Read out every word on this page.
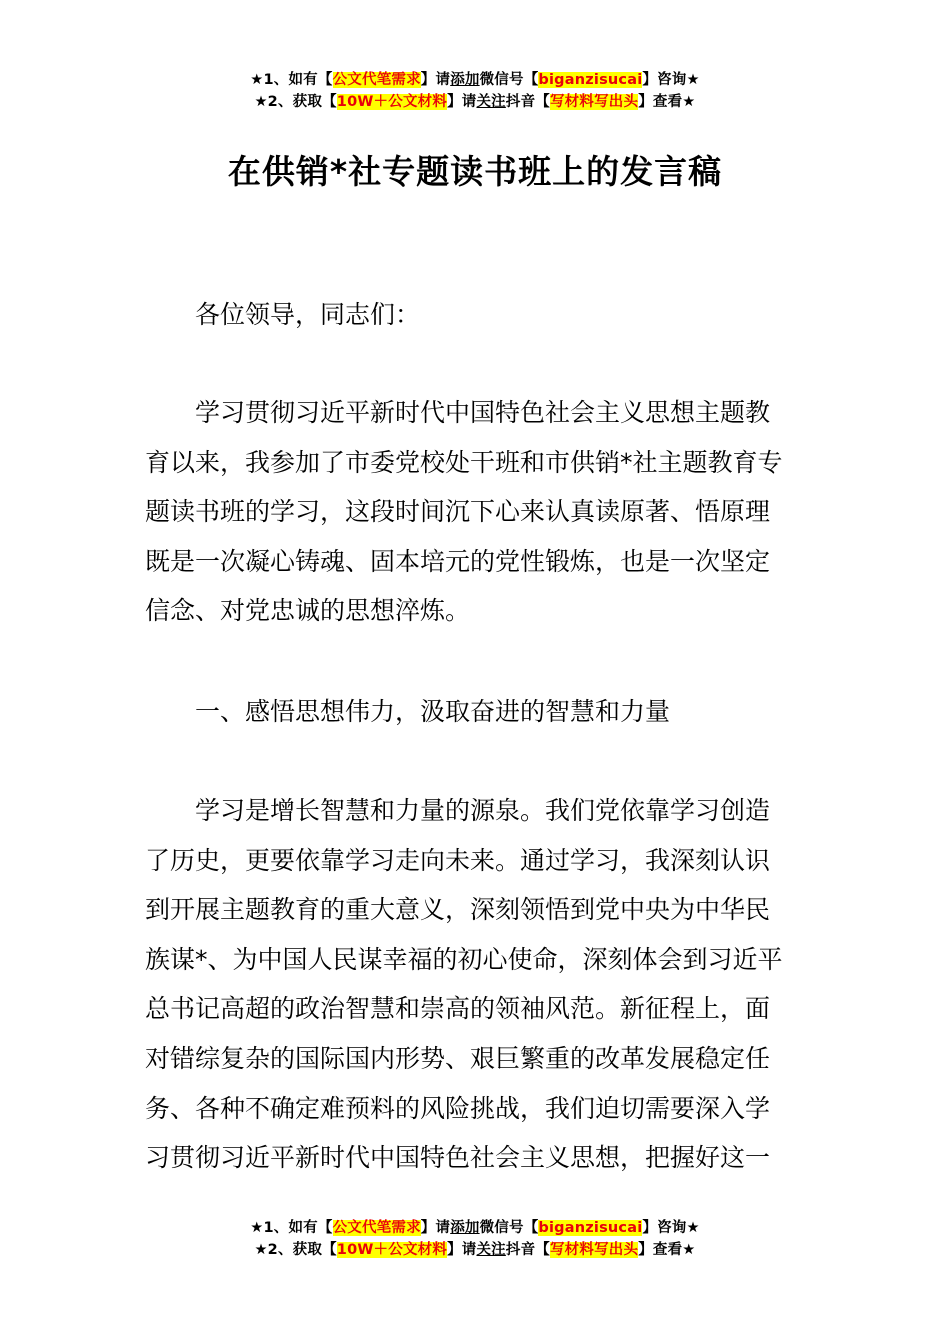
★1、如有【公文代笔需求】请添加微信号【biganzisucai】咨询★
★2、获取【10W＋公文材料】请关注抖音【写材料写出头】查看★
在供销*社专题读书班上的发言稿

各位领导，同志们：

学习贯彻习近平新时代中国特色社会主义思想主题教
育以来，我参加了市委党校处干班和市供销*社主题教育专
题读书班的学习，这段时间沉下心来认真读原著、悟原理
既是一次凝心铸魂、固本培元的党性锻炼，也是一次坚定
信念、对党忠诚的思想淬炼。

一、感悟思想伟力，汲取奋进的智慧和力量

学习是增长智慧和力量的源泉。我们党依靠学习创造
了历史，更要依靠学习走向未来。通过学习，我深刻认识
到开展主题教育的重大意义，深刻领悟到党中央为中华民
族谋*、为中国人民谋幸福的初心使命，深刻体会到习近平
总书记高超的政治智慧和崇高的领袖风范。新征程上，面
对错综复杂的国际国内形势、艰巨繁重的改革发展稳定任
务、各种不确定难预料的风险挑战，我们迫切需要深入学
习贯彻习近平新时代中国特色社会主义思想，把握好这一

★1、如有【公文代笔需求】请添加微信号【biganzisucai】咨询★
★2、获取【10W＋公文材料】请关注抖音【写材料写出头】查看★
